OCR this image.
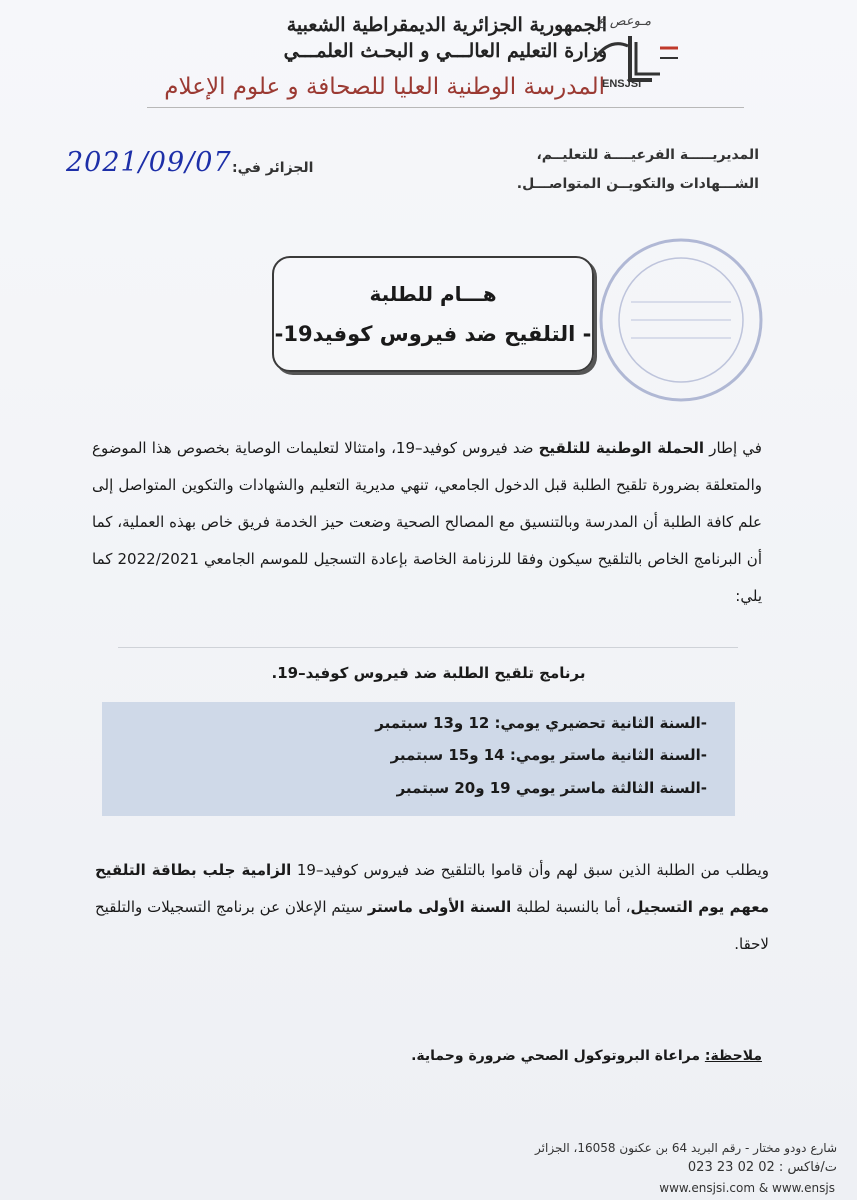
الجمهورية الجزائرية الديمقراطية الشعبية
وزارة التعليم العالـــي و البحـث العلمـــي
المدرسة الوطنية العليا للصحافة و علوم الإعلام
مـوعص ع
ENSJSI
المديريـــــة الفرعيــــة للتعليــم،
الشـــهادات والتكويــن المتواصـــل.
الجزائر في:
2021/09/07
هـــام للطلبة
- التلقيح ضد فيروس كوفيد19-
في إطار الحملة الوطنية للتلقيح ضد فيروس كوفيد–19، وامتثالا لتعليمات الوصاية بخصوص هذا الموضوع والمتعلقة بضرورة تلقيح الطلبة قبل الدخول الجامعي، تنهي مديرية التعليم والشهادات والتكوين المتواصل إلى علم كافة الطلبة أن المدرسة وبالتنسيق مع المصالح الصحية وضعت حيز الخدمة فريق خاص بهذه العملية، كما أن البرنامج الخاص بالتلقيح سيكون وفقا للرزنامة الخاصة بإعادة التسجيل للموسم الجامعي 2022/2021 كما يلي:
برنامج تلقيح الطلبة ضد فيروس كوفيد–19.
-السنة الثانية تحضيري يومي: 12 و13 سبتمبر
-السنة الثانية ماستر يومي: 14 و15 سبتمبر
-السنة الثالثة ماستر يومي 19 و20 سبتمبر
ويطلب من الطلبة الذين سبق لهم وأن قاموا بالتلقيح ضد فيروس كوفيد–19 الزامية جلب بطاقة التلقيح معهم يوم التسجيل، أما بالنسبة لطلبة السنة الأولى ماستر سيتم الإعلان عن برنامج التسجيلات والتلقيح لاحقا.
ملاحظة: مراعاة البروتوكول الصحي ضرورة وحماية.
شارع دودو مختار - رقم البريد 64 بن عكنون 16058، الجزائر
ت/فاكس : 02 02 23 023
www.ensjsi.com & www.ensjs
